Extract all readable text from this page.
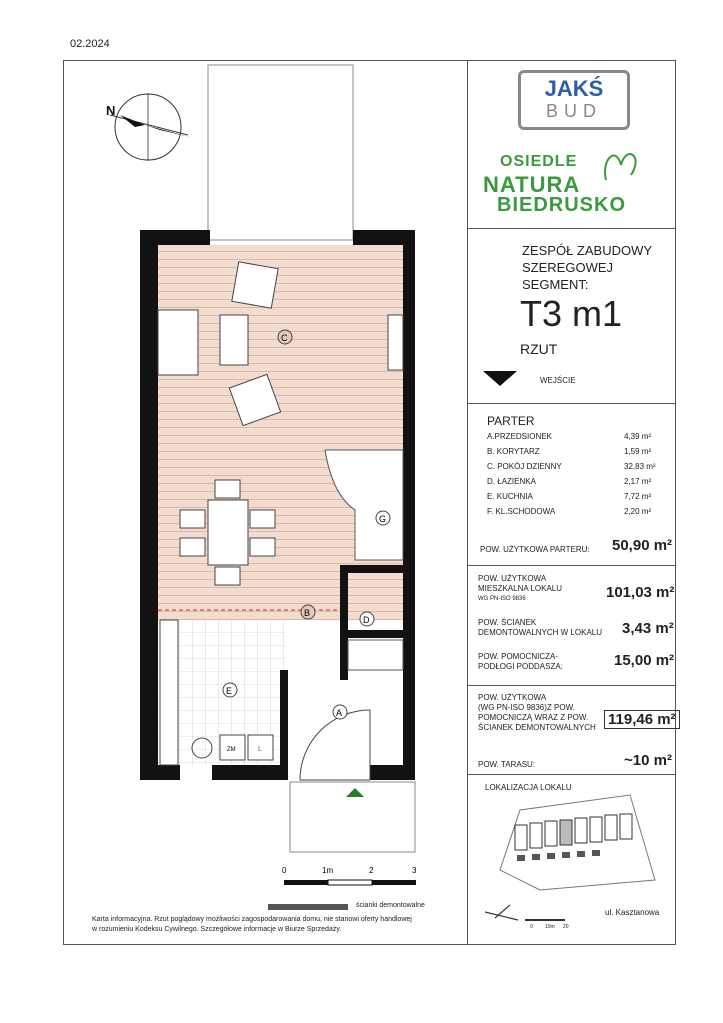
02.2024
N
JAKŚ
BUD
OSIEDLE
NATURA
BIEDRUSKO
ZESPÓŁ ZABUDOWY
SZEREGOWEJ
SEGMENT:
T3 m1
RZUT
WEJŚCIE
PARTER
A.PRZEDSIONEK	4,39 m²
B. KORYTARZ	1,59 m²
C. POKÓJ DZIENNY	32,83 m²
D. ŁAZIENKA	2,17 m²
E. KUCHNIA	7,72 m²
F. KL.SCHODOWA	2,20 m²
POW. UŻYTKOWA PARTERU: 50,90 m²
POW. UŻYTKOWA
MIESZKALNA LOKALU
WG PN-ISO 9836	101,03 m²
POW. ŚCIANEK
DEMONTOWALNYCH W LOKALU 3,43 m²
POW. POMOCNICZA-
PODŁOGI PODDASZA:	15,00 m²
POW. UŻYTKOWA
(WG PN-ISO 9836)Z POW.
POMOCNICZĄ WRAZ Z POW.
ŚCIANEK DEMONTOWALNYCH 119,46 m²
POW. TARASU:	~10 m²
LOKALIZACJA LOKALU
0 10m 20
ul. Kasztanowa
C
G
B
D
E
A
ZM	L
0	1m	2	3
ścianki demontowalne
Karta informacyjna. Rzut poglądowy możliwości zagospodarowania domu, nie stanowi oferty handlowej
w rozumieniu Kodeksu Cywilnego. Szczegółowe informacje w Biurze Sprzedaży.
